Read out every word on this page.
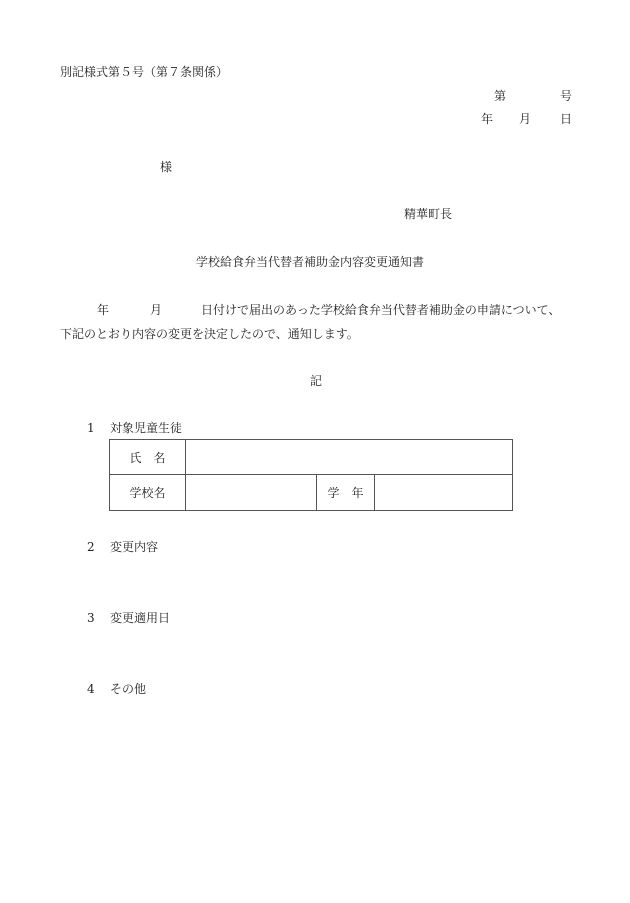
別記様式第５号（第７条関係）
第	号
年 月 日
様
精華町長
学校給食弁当代替者補助金内容変更通知書
年	月	日付けで届出のあった学校給食弁当代替者補助金の申請について、
下記のとおり内容の変更を決定したので、通知します。
記
1 対象児童生徒
氏　名			
学校名		学　年	
2 変更内容
3 変更適用日
4 その他
